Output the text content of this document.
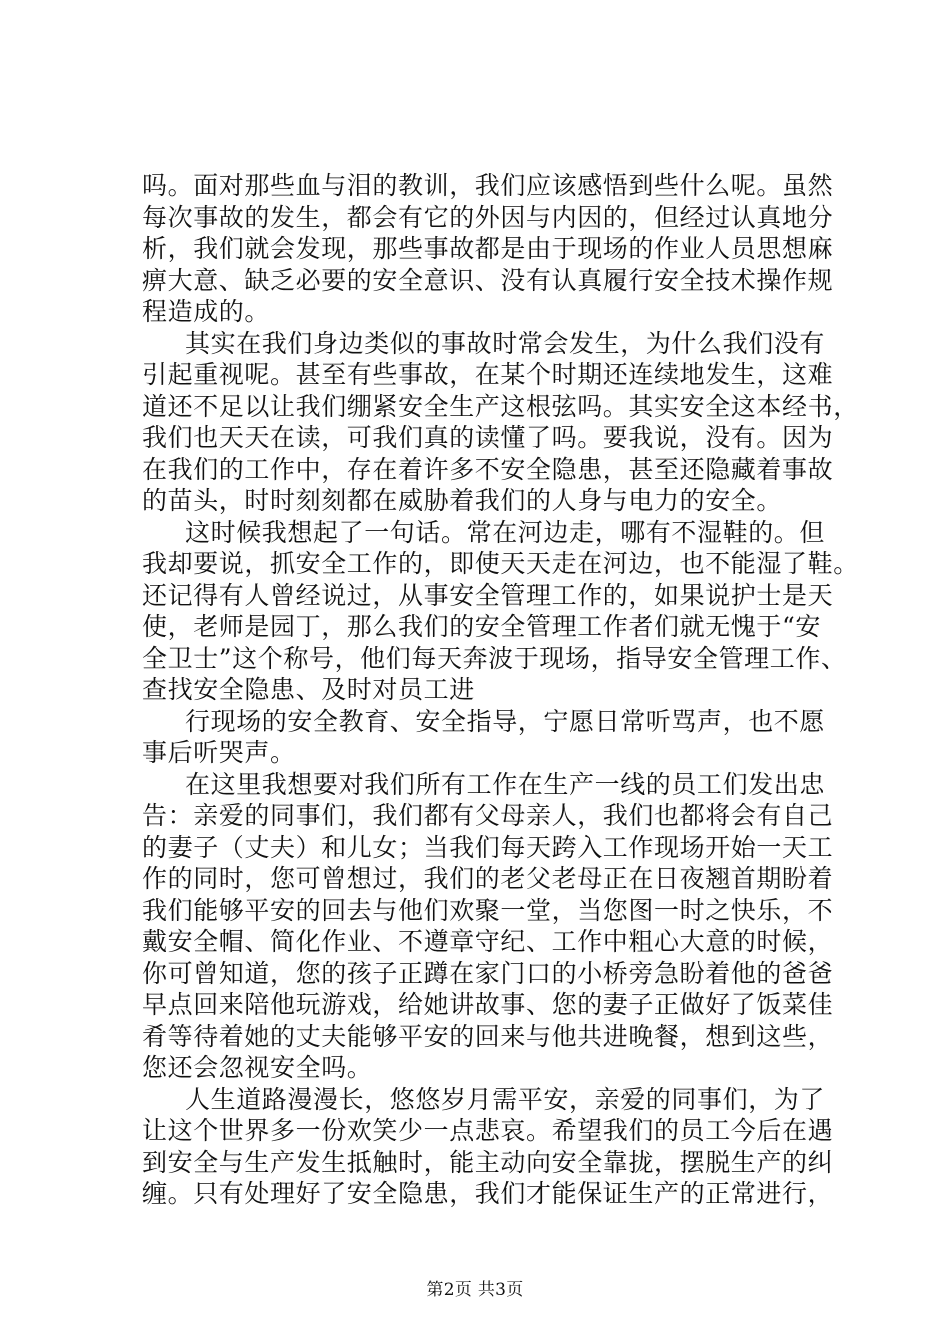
吗。面对那些血与泪的教训，我们应该感悟到些什么呢。虽然
每次事故的发生，都会有它的外因与内因的，但经过认真地分
析，我们就会发现，那些事故都是由于现场的作业人员思想麻
痹大意、缺乏必要的安全意识、没有认真履行安全技术操作规
程造成的。
其实在我们身边类似的事故时常会发生，为什么我们没有
引起重视呢。甚至有些事故，在某个时期还连续地发生，这难
道还不足以让我们绷紧安全生产这根弦吗。其实安全这本经书，
我们也天天在读，可我们真的读懂了吗。要我说，没有。因为
在我们的工作中，存在着许多不安全隐患，甚至还隐藏着事故
的苗头，时时刻刻都在威胁着我们的人身与电力的安全。
这时候我想起了一句话。常在河边走，哪有不湿鞋的。但
我却要说，抓安全工作的，即使天天走在河边，也不能湿了鞋。
还记得有人曾经说过，从事安全管理工作的，如果说护士是天
使，老师是园丁，那么我们的安全管理工作者们就无愧于“安
全卫士”这个称号，他们每天奔波于现场，指导安全管理工作、
查找安全隐患、及时对员工进
行现场的安全教育、安全指导，宁愿日常听骂声，也不愿
事后听哭声。
在这里我想要对我们所有工作在生产一线的员工们发出忠
告：亲爱的同事们，我们都有父母亲人，我们也都将会有自己
的妻子（丈夫）和儿女；当我们每天跨入工作现场开始一天工
作的同时，您可曾想过，我们的老父老母正在日夜翘首期盼着
我们能够平安的回去与他们欢聚一堂，当您图一时之快乐，不
戴安全帽、简化作业、不遵章守纪、工作中粗心大意的时候，
你可曾知道，您的孩子正蹲在家门口的小桥旁急盼着他的爸爸
早点回来陪他玩游戏，给她讲故事、您的妻子正做好了饭菜佳
肴等待着她的丈夫能够平安的回来与他共进晚餐，想到这些，
您还会忽视安全吗。
人生道路漫漫长，悠悠岁月需平安，亲爱的同事们，为了
让这个世界多一份欢笑少一点悲哀。希望我们的员工今后在遇
到安全与生产发生抵触时，能主动向安全靠拢，摆脱生产的纠
缠。只有处理好了安全隐患，我们才能保证生产的正常进行，
第2页 共3页
